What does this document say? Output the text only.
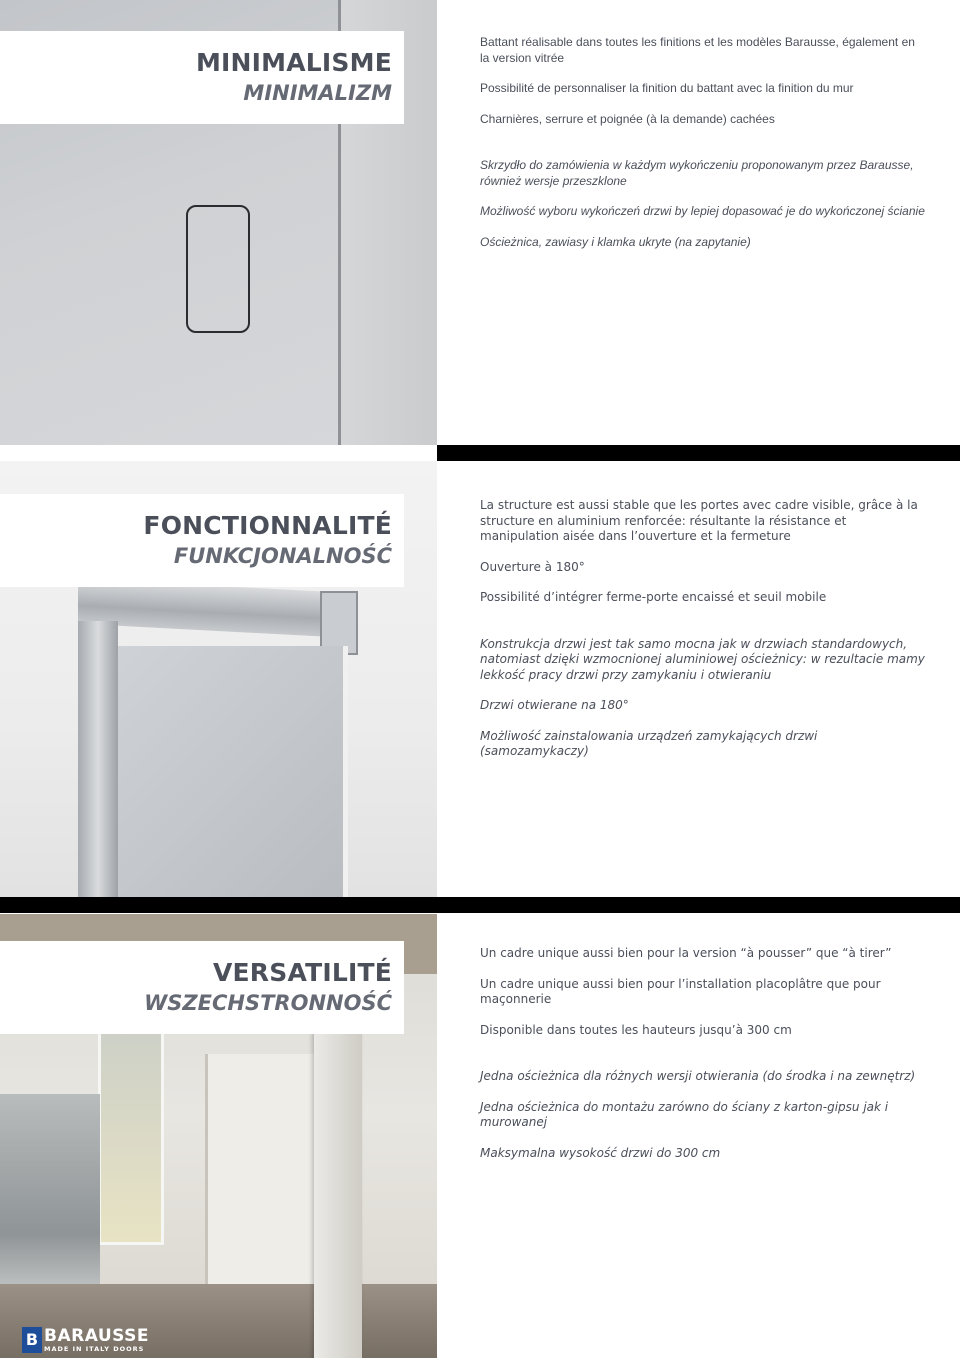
MINIMALISME
MINIMALIZM

Battant réalisable dans toutes les finitions et les modèles Barausse, également en la version vitrée

Possibilité de personnaliser la finition du battant avec la finition du mur

Charnières, serrure et poignée (à la demande) cachées

Skrzydło do zamówienia w każdym wykończeniu proponowanym przez Barausse, również wersje przeszklone

Możliwość wyboru wykończeń drzwi by lepiej dopasować je do wykończonej ścianie

Ościeżnica, zawiasy i klamka ukryte (na zapytanie)

FONCTIONNALITÉ
FUNKCJONALNOŚĆ

La structure est aussi stable que les portes avec cadre visible, grâce à la structure en aluminium renforcée: résultante la résistance et manipulation aisée dans l’ouverture et la fermeture

Ouverture à 180°

Possibilité d’intégrer ferme-porte encaissé et seuil mobile

Konstrukcja drzwi jest tak samo mocna jak w drzwiach standardowych, natomiast dzięki wzmocnionej aluminiowej ościeżnicy: w rezultacie mamy lekkość pracy drzwi przy zamykaniu i otwieraniu

Drzwi otwierane na 180°

Możliwość zainstalowania urządzeń zamykających drzwi (samozamykaczy)

B BARAUSSE
MADE IN ITALY DOORS
VERSATILITÉ
WSZECHSTRONNOŚĆ

Un cadre unique aussi bien pour la version “à pousser” que “à tirer”

Un cadre unique aussi bien pour l’installation placoplâtre que pour maçonnerie

Disponible dans toutes les hauteurs jusqu’à 300 cm

Jedna ościeżnica dla różnych wersji otwierania (do środka i na zewnętrz)

Jedna ościeżnica do montażu zarówno do ściany z karton-gipsu jak i murowanej

Maksymalna wysokość drzwi do 300 cm
